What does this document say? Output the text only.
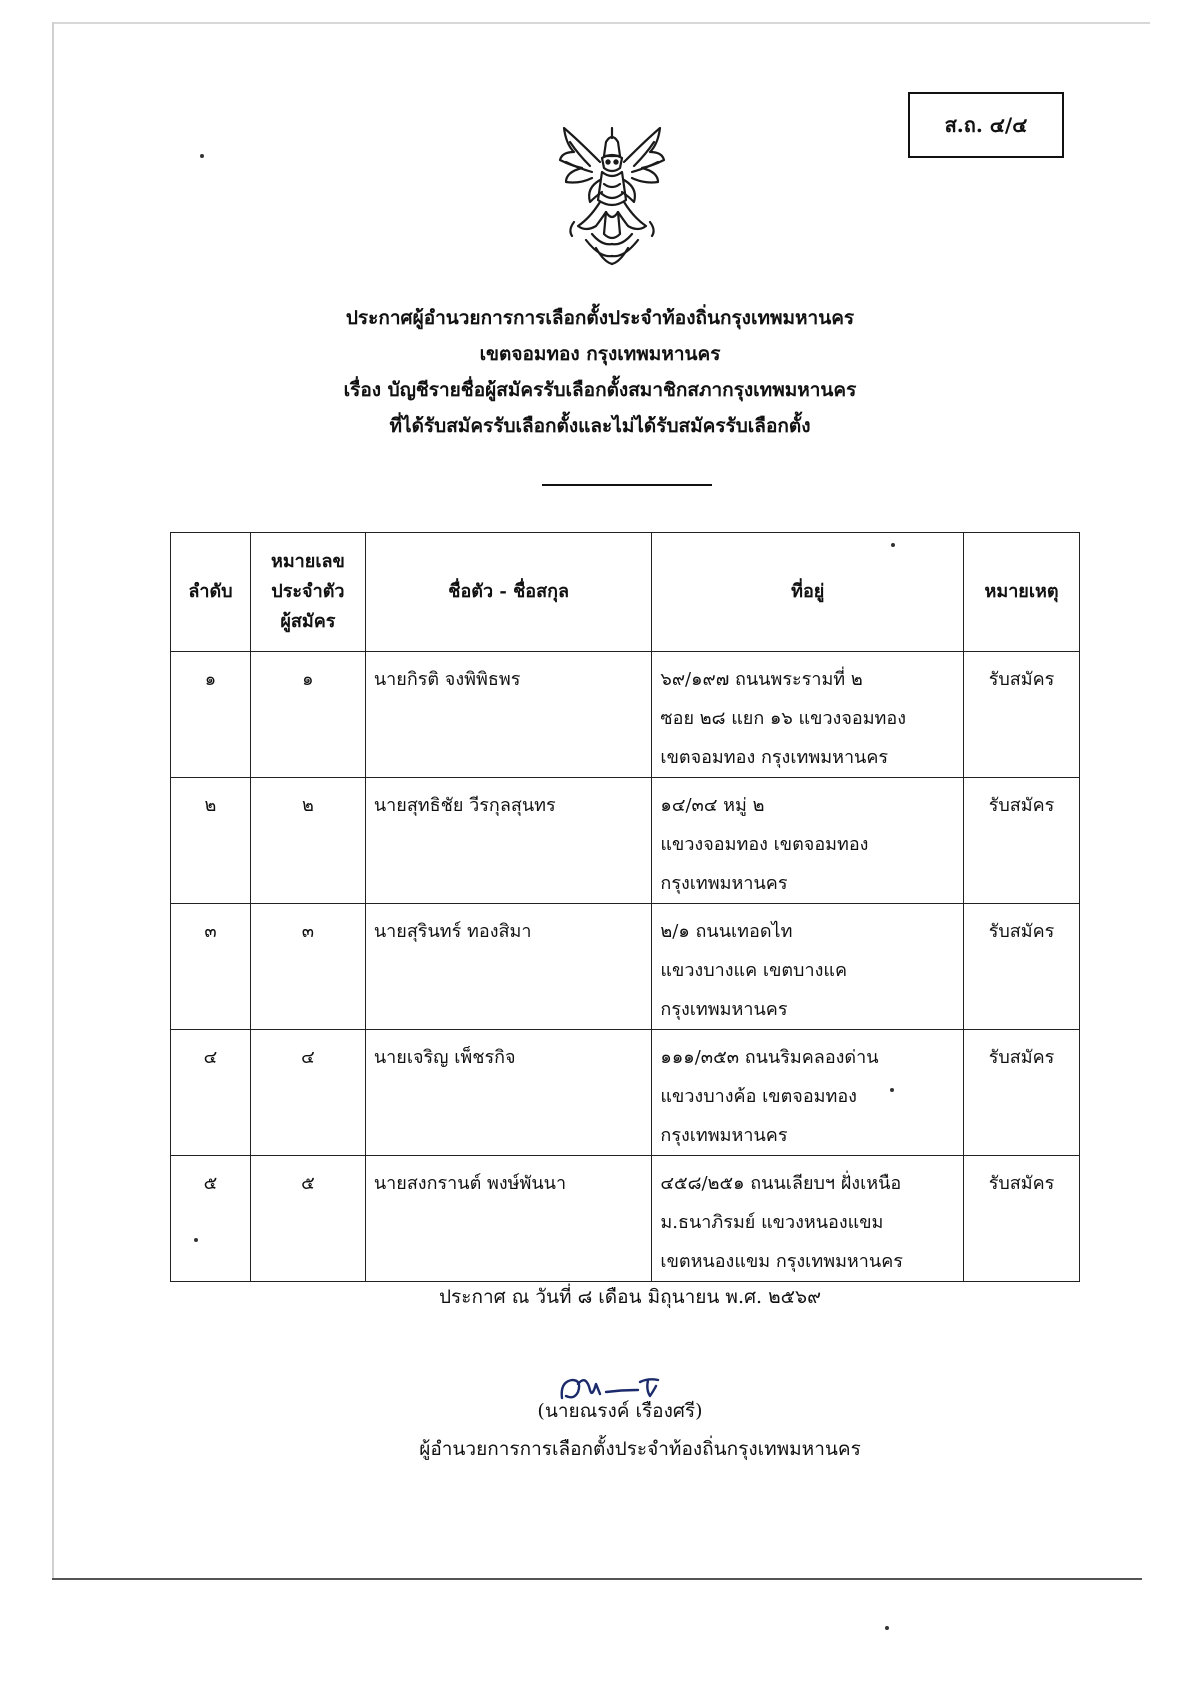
ส.ถ. ๔/๔
ประกาศผู้อำนวยการการเลือกตั้งประจำท้องถิ่นกรุงเทพมหานคร
เขตจอมทอง กรุงเทพมหานคร
เรื่อง บัญชีรายชื่อผู้สมัครรับเลือกตั้งสมาชิกสภากรุงเทพมหานคร
ที่ได้รับสมัครรับเลือกตั้งและไม่ได้รับสมัครรับเลือกตั้ง
ลำดับ	หมายเลข
ประจำตัว
ผู้สมัคร	ชื่อตัว - ชื่อสกุล	ที่อยู่	หมายเหตุ
๑	๑	นายกิรติ จงพิพิธพร	๖๙/๑๙๗ ถนนพระรามที่ ๒
ซอย ๒๘ แยก ๑๖ แขวงจอมทอง
เขตจอมทอง กรุงเทพมหานคร	รับสมัคร
๒	๒	นายสุทธิชัย วีรกุลสุนทร	๑๔/๓๔ หมู่ ๒
แขวงจอมทอง เขตจอมทอง
กรุงเทพมหานคร	รับสมัคร
๓	๓	นายสุรินทร์ ทองสิมา	๒/๑ ถนนเทอดไท
แขวงบางแค เขตบางแค
กรุงเทพมหานคร	รับสมัคร
๔	๔	นายเจริญ เพ็ชรกิจ	๑๑๑/๓๕๓ ถนนริมคลองด่าน
แขวงบางค้อ เขตจอมทอง
กรุงเทพมหานคร	รับสมัคร
๕	๕	นายสงกรานต์ พงษ์พันนา	๔๕๘/๒๕๑ ถนนเลียบฯ ฝั่งเหนือ
ม.ธนาภิรมย์ แขวงหนองแขม
เขตหนองแขม กรุงเทพมหานคร	รับสมัคร
ประกาศ ณ วันที่ ๘ เดือน มิถุนายน พ.ศ. ๒๕๖๙
(นายณรงค์ เรืองศรี)
ผู้อำนวยการการเลือกตั้งประจำท้องถิ่นกรุงเทพมหานคร
